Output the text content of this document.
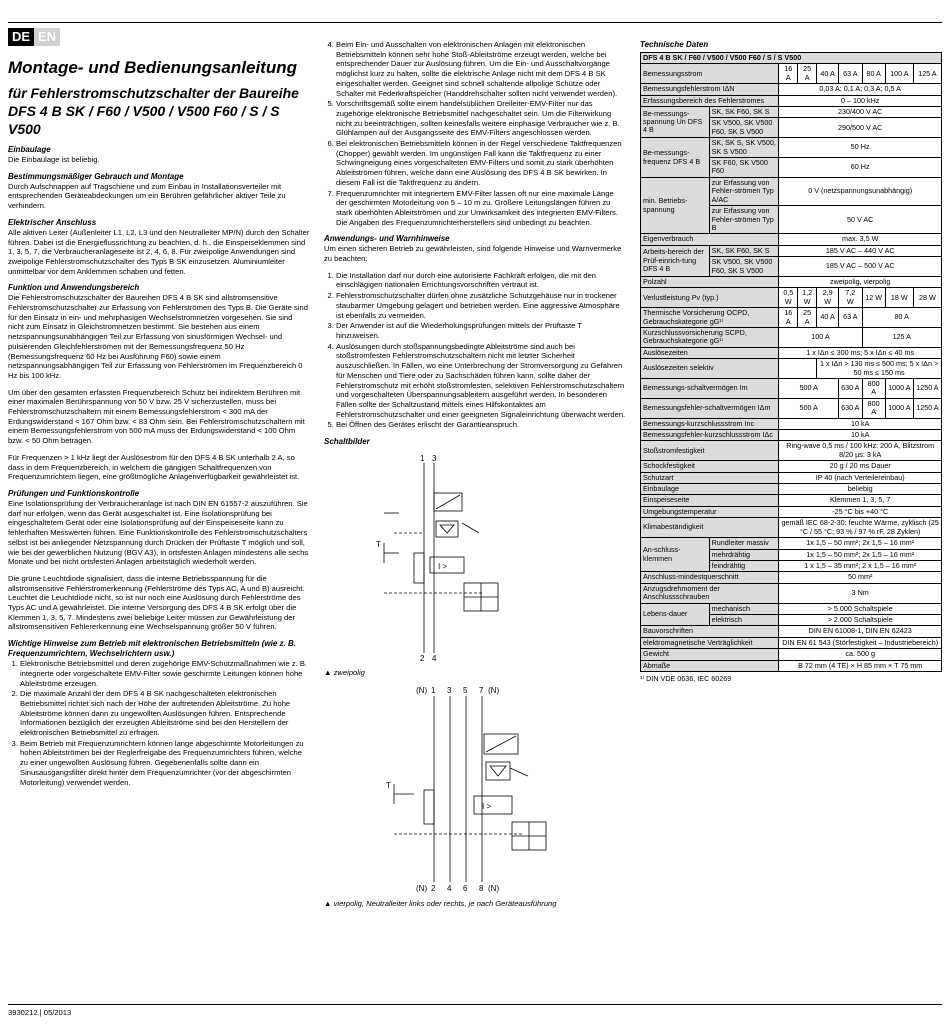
DE EN
Montage- und Bedienungsanleitung
für Fehlerstromschutzschalter der Baureihe DFS 4 B SK / F60 / V500 / V500 F60 / S / S V500
Einbaulage

Die Einbaulage ist beliebig.

Bestimmungsmäßiger Gebrauch und Montage

Durch Aufschnappen auf Tragschiene und zum Einbau in Installationsverteiler mit entsprechenden Geräteabdeckungen um ein Berühren gefährlicher aktiver Teile zu verhindern.

Elektrischer Anschluss

Alle aktiven Leiter (Außenleiter L1, L2, L3 und den Neutralleiter MP/N) durch den Schalter führen. Dabei ist die Energieflussrichtung zu beachten, d. h., die Einspeiseklemmen sind 1, 3, 5, 7, die Verbraucheranlageseite ist 2, 4, 6, 8. Für zweipolige Anwendungen sind zweipolige Fehlerstromschutzschalter des Typs B SK einzusetzen. Aluminiumleiter unmittelbar vor dem Anklemmen schaben und fetten.

Funktion und Anwendungsbereich

Die Fehlerstromschutzschalter der Baureihen DFS 4 B SK sind allstromsensitive Fehlerstromschutzschalter zur Erfassung von Fehlerströmen des Typs B. Die Geräte sind für den Einsatz in ein- und mehrphasigen Wechselstromnetzen vorgesehen. Sie sind nicht zum Einsatz in Gleichstromnetzen bestimmt. Sie bestehen aus einem netzspannungsunabhängigen Teil zur Erfassung von sinusförmigen Wechsel- und pulsierenden Gleichfehlerströmen mit der Bemessungsfrequenz 50 Hz (Bemessungsfrequenz 60 Hz bei Ausführung F60) sowie einem netzspannungsabhängigen Teil zur Erfassung von Fehlerströmen im Frequenzbereich 0 Hz bis 100 kHz.

Um über den gesamten erfassten Frequenzbereich Schutz bei indirektem Berühren mit einer maximalen Berührspannung von 50 V bzw. 25 V sicherzustellen, muss bei Fehlerstromschutzschaltern mit einem Bemessungsfehlerstrom < 300 mA der Erdungswiderstand < 167 Ohm bzw. < 83 Ohm sein. Bei Fehlerstromschutzschaltern mit einem Bemessungsfehlerstrom von 500 mA muss der Erdungswiderstand < 100 Ohm bzw. < 50 Ohm betragen.

Für Frequenzen > 1 kHz liegt der Auslösestrom für den DFS 4 B SK unterhalb 2 A, so dass in dem Frequenzbereich, in welchem die gängigen Schaltfrequenzen von Frequenzumrichtern liegen, eine größtmögliche Anlagenverfügbarkeit gewährleistet ist.

Prüfungen und Funktionskontrolle

Eine Isolationsprüfung der Verbraucheranlage ist nach DIN EN 61557-2 auszuführen. Sie darf nur erfolgen, wenn das Gerät ausgeschaltet ist. Eine Isolationsprüfung bei eingeschaltetem Gerät oder eine Isolationsprüfung auf der Einspeiseseite kann zu fehlerhaften Messwerten führen. Eine Funktionskontrolle des Fehlerstromschutzschalters selbst ist bei anliegender Netzspannung durch Drücken der Prüftaste T möglich und soll, wie bei der gewerblichen Nutzung (BGV A3), in ortsfesten Anlagen mindestens alle sechs Monate und bei nicht ortsfesten Anlagen arbeitstäglich wiederholt werden.

Die grüne Leuchtdiode signalisiert, dass die interne Betriebsspannung für die allstromsensitive Fehlerstromerkennung (Fehlerströme des Typs AC, A und B) ausreicht. Leuchtet die Leuchtdiode nicht, so ist nur noch eine Auslösung durch Fehlerströme des Typs AC und A gewährleistet. Die interne Versorgung des DFS 4 B SK erfolgt über die Klemmen 1, 3, 5, 7. Mindestens zwei beliebige Leiter müssen zur Gewährleistung der allstromsensitiven Fehlererkennung eine Wechselspannung größer 50 V führen.

Wichtige Hinweise zum Betrieb mit elektronischen Betriebsmitteln (wie z. B. Frequenzumrichtern, Wechselrichtern usw.)
1. Elektronische Betriebsmittel und deren zugehörige EMV-Schutzmaßnahmen wie z. B. integrierte oder vorgeschaltete EMV-Filter sowie geschirmte Leitungen können hohe Ableitströme erzeugen.
2. Die maximale Anzahl der dem DFS 4 B SK nachgeschalteten elektronischen Betriebsmittel richtet sich nach der Höhe der auftretenden Ableitströme. Zu hohe Ableitströme können dann zu ungewollten Auslösungen führen. Entsprechende Informationen bezüglich der erzeugten Ableitströme sind bei den Herstellern der elektronischen Betriebsmittel zu erfragen.
3. Beim Betrieb mit Frequenzumrichtern können lange abgeschirmte Motorleitungen zu hohen Ableitströmen bei der Reglerfreigabe des Frequenzumrichters führen, welche zu einer ungewollten Auslösung führen. Gegebenenfalls sollte dann ein Sinusausgangsfilter direkt hinter dem Frequenzumrichter (vor der abgeschirmten Motorleitung) verwendet werden.
4. Beim Ein- und Ausschalten von elektronischen Anlagen mit elektronischen Betriebsmitteln können sehr hohe Stoß-Ableitströme erzeugt werden, welche bei entsprechender Dauer zur Auslösung führen. Um die Ein- und Ausschaltvorgänge möglichst kurz zu halten, sollte die elektrische Anlage nicht mit dem DFS 4 B SK eingeschaltet werden. Geeignet sind schnell schaltende allpolige Schütze oder Schalter mit Federkraftspeicher (Handdrehschalter sollten nicht verwendet werden).
5. Vorschriftsgemäß sollte einem handelsüblichen Dreileiter-EMV-Filter nur das zugehörige elektronische Betriebsmittel nachgeschaltet sein. Um die Filterwirkung nicht zu beeinträchtigen, sollten keinesfalls weitere einphasige Verbraucher wie z. B. Glühlampen auf der Ausgangsseite des EMV-Filters angeschlossen werden.
6. Bei elektronischen Betriebsmitteln können in der Regel verschiedene Taktfrequenzen (Chopper) gewählt werden. Im ungünstigen Fall kann die Taktfrequenz zu einer Schwingneigung eines vorgeschalteten EMV-Filters und somit zu stark überhöhten Ableitströmen führen, welche dann eine Auslösung des DFS 4 B SK bewirken. In diesem Fall ist die Taktfrequenz zu ändern.
7. Frequenzumrichter mit integriertem EMV-Filter lassen oft nur eine maximale Länge der geschirmten Motorleitung von 5 – 10 m zu. Größere Leitungslängen führen zu stark überhöhten Ableitströmen und zur Unwirksamkeit des integrierten EMV-Filters. Die Angaben des Frequenzumrichterherstellers sind unbedingt zu beachten.
Anwendungs- und Warnhinweise

Um einen sicheren Betrieb zu gewährleisten, sind folgende Hinweise und Warnvermerke zu beachten:

1. Die Installation darf nur durch eine autorisierte Fachkraft erfolgen, die mit den einschlägigen nationalen Errichtungsvorschriften vertraut ist.
2. Fehlerstromschutzschalter dürfen ohne zusätzliche Schutzgehäuse nur in trockener staubarmer Umgebung gelagert und betrieben werden. Eine aggressive Atmosphäre ist ebenfalls zu vermeiden.
3. Der Anwender ist auf die Wiederholungsprüfungen mittels der Prüftaste T hinzuweisen.
4. Auslösungen durch stoßspannungsbedingte Ableitströme sind auch bei stoßstromfesten Fehlerstromschutzschaltern nicht mit letzter Sicherheit auszuschließen. In Fällen, wo eine Unterbrechung der Stromversorgung zu Gefahren für Menschen und Tiere oder zu Sachschäden führen kann, sollte daher der Fehlerstromschutz mit erhöht stoßstromfesten, selektiven Fehlerstromschutzschaltern und vorgeschalteten Überspannungsableitern ausgeführt werden. In besonderen Fällen sollte der Schaltzustand mittels eines Hilfskontaktes am Fehlerstromschutzschalter und einer geeigneten Signaleinrichtung überwacht werden.
5. Bei Öffnen des Gerätes erlischt der Garantieanspruch.
Schaltbilder
1 3
2 4
T
I >
▲ zweipolig
(N) 1 3 5 7 (N)
(N) 2 4 6 8 (N)
T
I >
▲ vierpolig, Neutralleiter links oder rechts, je nach Geräteausführung
Technische Daten
DFS 4 B SK / F60 / V500 / V500 F60 / S / S V500								
Bemessungsstrom		16 A	25 A	40 A	63 A	80 A	100 A	125 A
Bemessungsfehlerstrom IΔN		0,03 A; 0,1 A; 0,3 A; 0,5 A						
Erfassungsbereich des Fehlerstromes		0 – 100 kHz						
Be-messungs-spannung Un DFS 4 B	SK, SK F60, SK S	230/400 V AC						
	SK V500, SK V500 F60, SK S V500	290/500 V AC						
Be-messungs-frequenz DFS 4 B	SK, SK S, SK V500, SK S V500	50 Hz						
	SK F60, SK V500 F60	60 Hz						
min. Betriebs-spannung	zur Erfassung von Fehler-strömen Typ A/AC	0 V (netzspannungsunabhängig)						
	zur Erfassung von Fehler-strömen Typ B	50 V AC						
Eigenverbrauch		max. 3,5 W						
Arbeits-bereich der Prüf-einrich-tung DFS 4 B	SK, SK F60, SK S	185 V AC – 440 V AC						
	SK V500, SK V500 F60, SK S V500	185 V AC – 500 V AC						
Polzahl		zweipolig, vierpolig						
Verlustleistung Pv (typ.)		0,5 W	1,2 W	2,9 W	7,2 W	12 W	18 W	28 W
Thermische Vorsicherung OCPD, Gebrauchskategorie gG¹⁾		16 A	25 A	40 A	63 A	80 A		
Kurzschlussvorsicherung SCPD, Gebrauchskategorie gG¹⁾		100 A				125 A		
Auslösezeiten		1 x IΔn ≤ 300 ms; 5 x IΔn ≤ 40 ms						
Auslösezeiten selektiv				1 x IΔn > 130 ms ≤ 500 ms; 5 x IΔn > 50 ms ≤ 150 ms				
Bemessungs-schaltvermögen Im		500 A			630 A	800 A	1000 A	1250 A
Bemessungsfehler-schaltvermögen IΔm		500 A			630 A	800 A	1000 A	1250 A
Bemessungs-kurzschlussstrom Inc		10 kA						
Bemessungsfehler-kurzschlussstrom IΔc		10 kA						
Stoßstromfestigkeit		Ring-wave 0,5 ms / 100 kHz: 200 A, Blitzstrom 8/20 µs: 3 kA						
Schockfestigkeit		20 g / 20 ms Dauer						
Schutzart		IP 40 (nach Verteilereinbau)						
Einbaulage		beliebig						
Einspeiseseite		Klemmen 1, 3, 5, 7						
Umgebungstemperatur		-25 °C bis +40 °C						
Klimabeständigkeit		gemäß IEC 68-2-30: feuchte Wärme, zyklisch (25 °C / 55 °C; 93 % / 97 % rF, 28 Zyklen)						
An-schluss-klemmen	Rundleiter massiv	1x 1,5 – 50 mm²; 2x 1,5 – 16 mm²						
	mehrdrähtig	1x 1,5 – 50 mm²; 2x 1,5 – 16 mm²						
	feindrähtig	1 x 1,5 – 35 mm²; 2 x 1,5 – 16 mm²						
Anschluss-mindestquerschnitt		50 mm²						
Anzugsdrehmoment der Anschlussschrauben		3 Nm						
Lebens-dauer	mechanisch	> 5.000 Schaltspiele						
	elektrisch	> 2.000 Schaltspiele						
Bauvorschriften		DIN EN 61008-1, DIN EN 62423						
elektromagnetische Verträglichkeit		DIN EN 61 543 (Störfestigkeit – Industriebereich)						
Gewicht		ca. 500 g						
Abmaße		B 72 mm (4 TE) × H 85 mm × T 75 mm						
¹⁾ DIN VDE 0636, IEC 60269
3930212 | 05/2013
